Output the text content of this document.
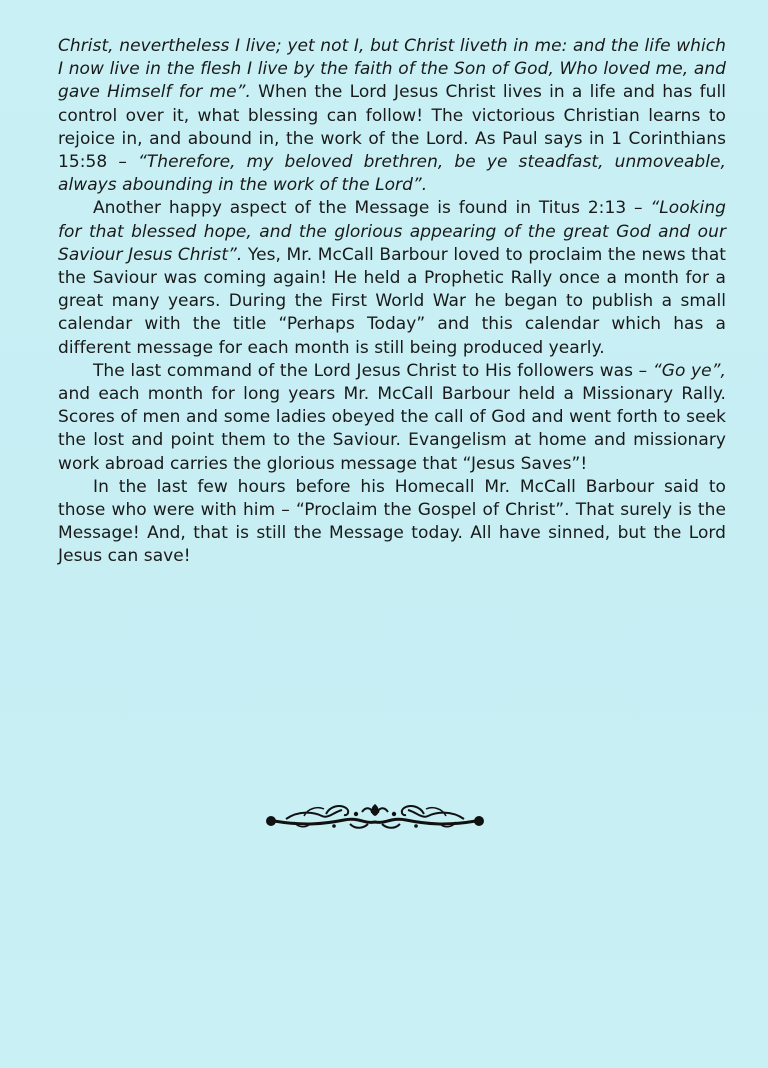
Christ, nevertheless I live; yet not I, but Christ liveth in me: and the life which I now live in the flesh I live by the faith of the Son of God, Who loved me, and gave Himself for me”. When the Lord Jesus Christ lives in a life and has full control over it, what blessing can follow! The victorious Christian learns to rejoice in, and abound in, the work of the Lord. As Paul says in 1 Corinthians 15:58 – “Therefore, my beloved brethren, be ye steadfast, unmoveable, always abounding in the work of the Lord”.

Another happy aspect of the Message is found in Titus 2:13 – “Looking for that blessed hope, and the glorious appearing of the great God and our Saviour Jesus Christ”. Yes, Mr. McCall Barbour loved to proclaim the news that the Saviour was coming again! He held a Prophetic Rally once a month for a great many years. During the First World War he began to publish a small calendar with the title “Perhaps Today” and this calendar which has a different message for each month is still being produced yearly.

The last command of the Lord Jesus Christ to His followers was – “Go ye”, and each month for long years Mr. McCall Barbour held a Missionary Rally. Scores of men and some ladies obeyed the call of God and went forth to seek the lost and point them to the Saviour. Evangelism at home and missionary work abroad carries the glorious message that “Jesus Saves”!

In the last few hours before his Homecall Mr. McCall Barbour said to those who were with him – “Proclaim the Gospel of Christ”. That surely is the Message! And, that is still the Message today. All have sinned, but the Lord Jesus can save!
